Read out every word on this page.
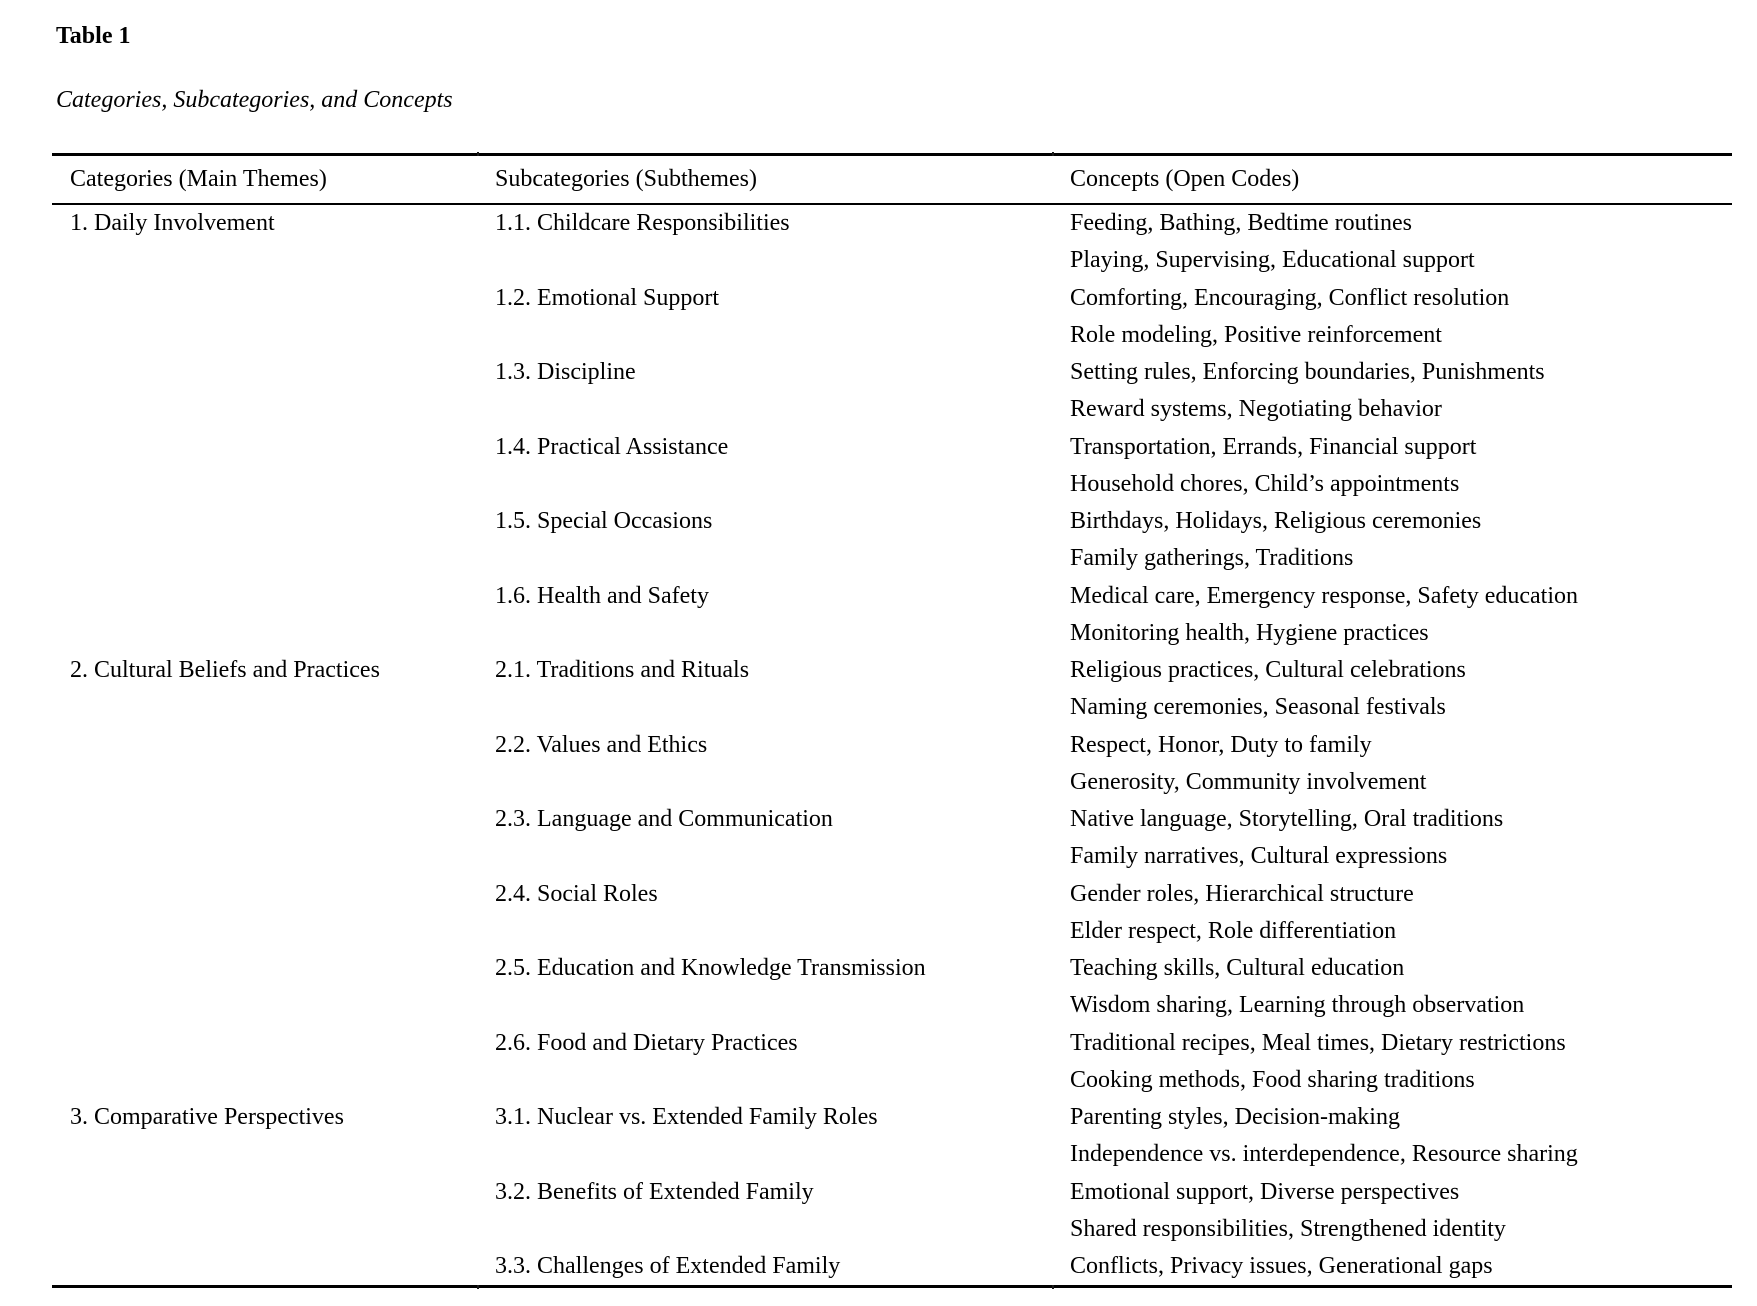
Table 1
Categories, Subcategories, and Concepts
Categories (Main Themes)	Subcategories (Subthemes)	Concepts (Open Codes)
1. Daily Involvement	1.1. Childcare Responsibilities	Feeding, Bathing, Bedtime routines
Playing, Supervising, Educational support
1.2. Emotional Support	Comforting, Encouraging, Conflict resolution
Role modeling, Positive reinforcement
1.3. Discipline	Setting rules, Enforcing boundaries, Punishments
Reward systems, Negotiating behavior
1.4. Practical Assistance	Transportation, Errands, Financial support
Household chores, Child’s appointments
1.5. Special Occasions	Birthdays, Holidays, Religious ceremonies
Family gatherings, Traditions
1.6. Health and Safety	Medical care, Emergency response, Safety education
Monitoring health, Hygiene practices
2. Cultural Beliefs and Practices	2.1. Traditions and Rituals	Religious practices, Cultural celebrations
Naming ceremonies, Seasonal festivals
2.2. Values and Ethics	Respect, Honor, Duty to family
Generosity, Community involvement
2.3. Language and Communication	Native language, Storytelling, Oral traditions
Family narratives, Cultural expressions
2.4. Social Roles	Gender roles, Hierarchical structure
Elder respect, Role differentiation
2.5. Education and Knowledge Transmission	Teaching skills, Cultural education
Wisdom sharing, Learning through observation
2.6. Food and Dietary Practices	Traditional recipes, Meal times, Dietary restrictions
Cooking methods, Food sharing traditions
3. Comparative Perspectives	3.1. Nuclear vs. Extended Family Roles	Parenting styles, Decision-making
Independence vs. interdependence, Resource sharing
3.2. Benefits of Extended Family	Emotional support, Diverse perspectives
Shared responsibilities, Strengthened identity
3.3. Challenges of Extended Family	Conflicts, Privacy issues, Generational gaps
